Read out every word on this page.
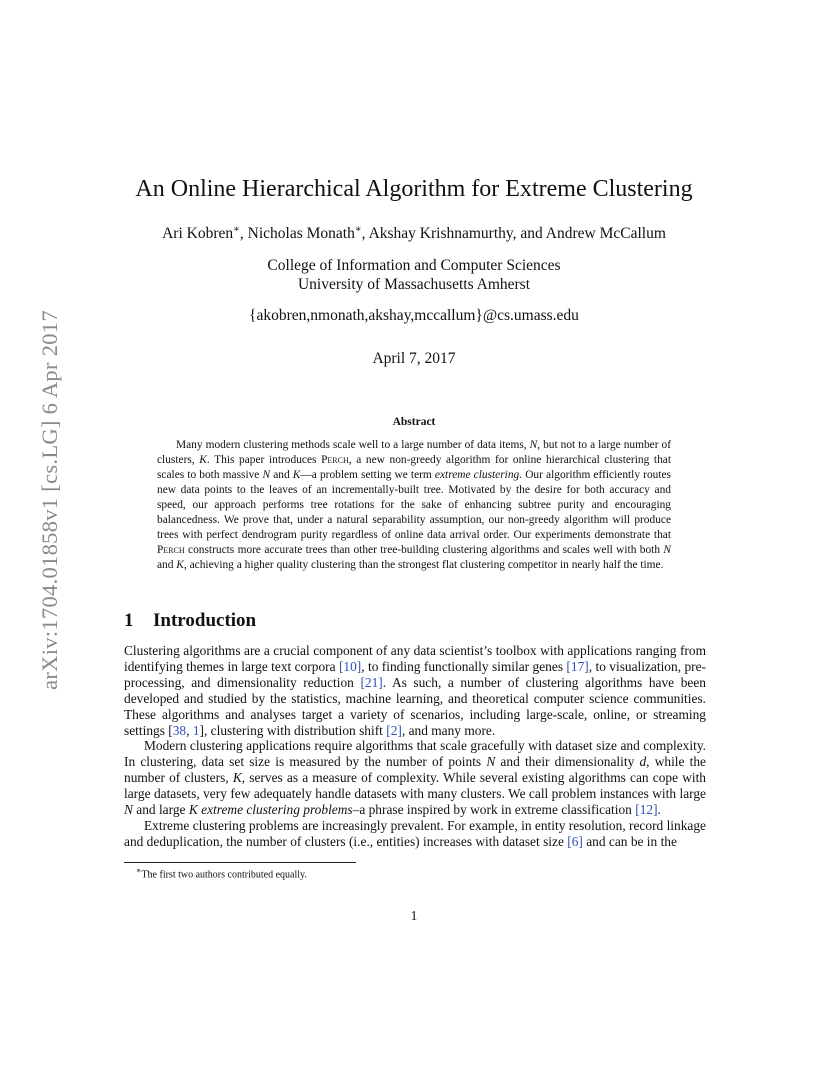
arXiv:1704.01858v1 [cs.LG] 6 Apr 2017
An Online Hierarchical Algorithm for Extreme Clustering
Ari Kobren∗, Nicholas Monath∗, Akshay Krishnamurthy, and Andrew McCallum
College of Information and Computer Sciences
University of Massachusetts Amherst
{akobren,nmonath,akshay,mccallum}@cs.umass.edu
April 7, 2017
Abstract

Many modern clustering methods scale well to a large number of data items, N, but not to a large number of clusters, K. This paper introduces Perch, a new non-greedy algorithm for online hierarchical clustering that scales to both massive N and K—a problem setting we term extreme clustering. Our algorithm efficiently routes new data points to the leaves of an incrementally-built tree. Motivated by the desire for both accuracy and speed, our approach performs tree rotations for the sake of enhancing subtree purity and encouraging balancedness. We prove that, under a natural separability assumption, our non-greedy algorithm will produce trees with perfect dendrogram purity regardless of online data arrival order. Our experiments demonstrate that Perch constructs more accurate trees than other tree-building clustering algorithms and scales well with both N and K, achieving a higher quality clustering than the strongest flat clustering competitor in nearly half the time.

1 Introduction

Clustering algorithms are a crucial component of any data scientist’s toolbox with applications ranging from identifying themes in large text corpora [10], to finding functionally similar genes [17], to visualization, pre-processing, and dimensionality reduction [21]. As such, a number of clustering algorithms have been developed and studied by the statistics, machine learning, and theoretical computer science communities. These algorithms and analyses target a variety of scenarios, including large-scale, online, or streaming settings [38, 1], clustering with distribution shift [2], and many more.

Modern clustering applications require algorithms that scale gracefully with dataset size and complexity. In clustering, data set size is measured by the number of points N and their dimensionality d, while the number of clusters, K, serves as a measure of complexity. While several existing algorithms can cope with large datasets, very few adequately handle datasets with many clusters. We call problem instances with large N and large K extreme clustering problems–a phrase inspired by work in extreme classification [12].

Extreme clustering problems are increasingly prevalent. For example, in entity resolution, record linkage and deduplication, the number of clusters (i.e., entities) increases with dataset size [6] and can be in the

∗The first two authors contributed equally.
1
